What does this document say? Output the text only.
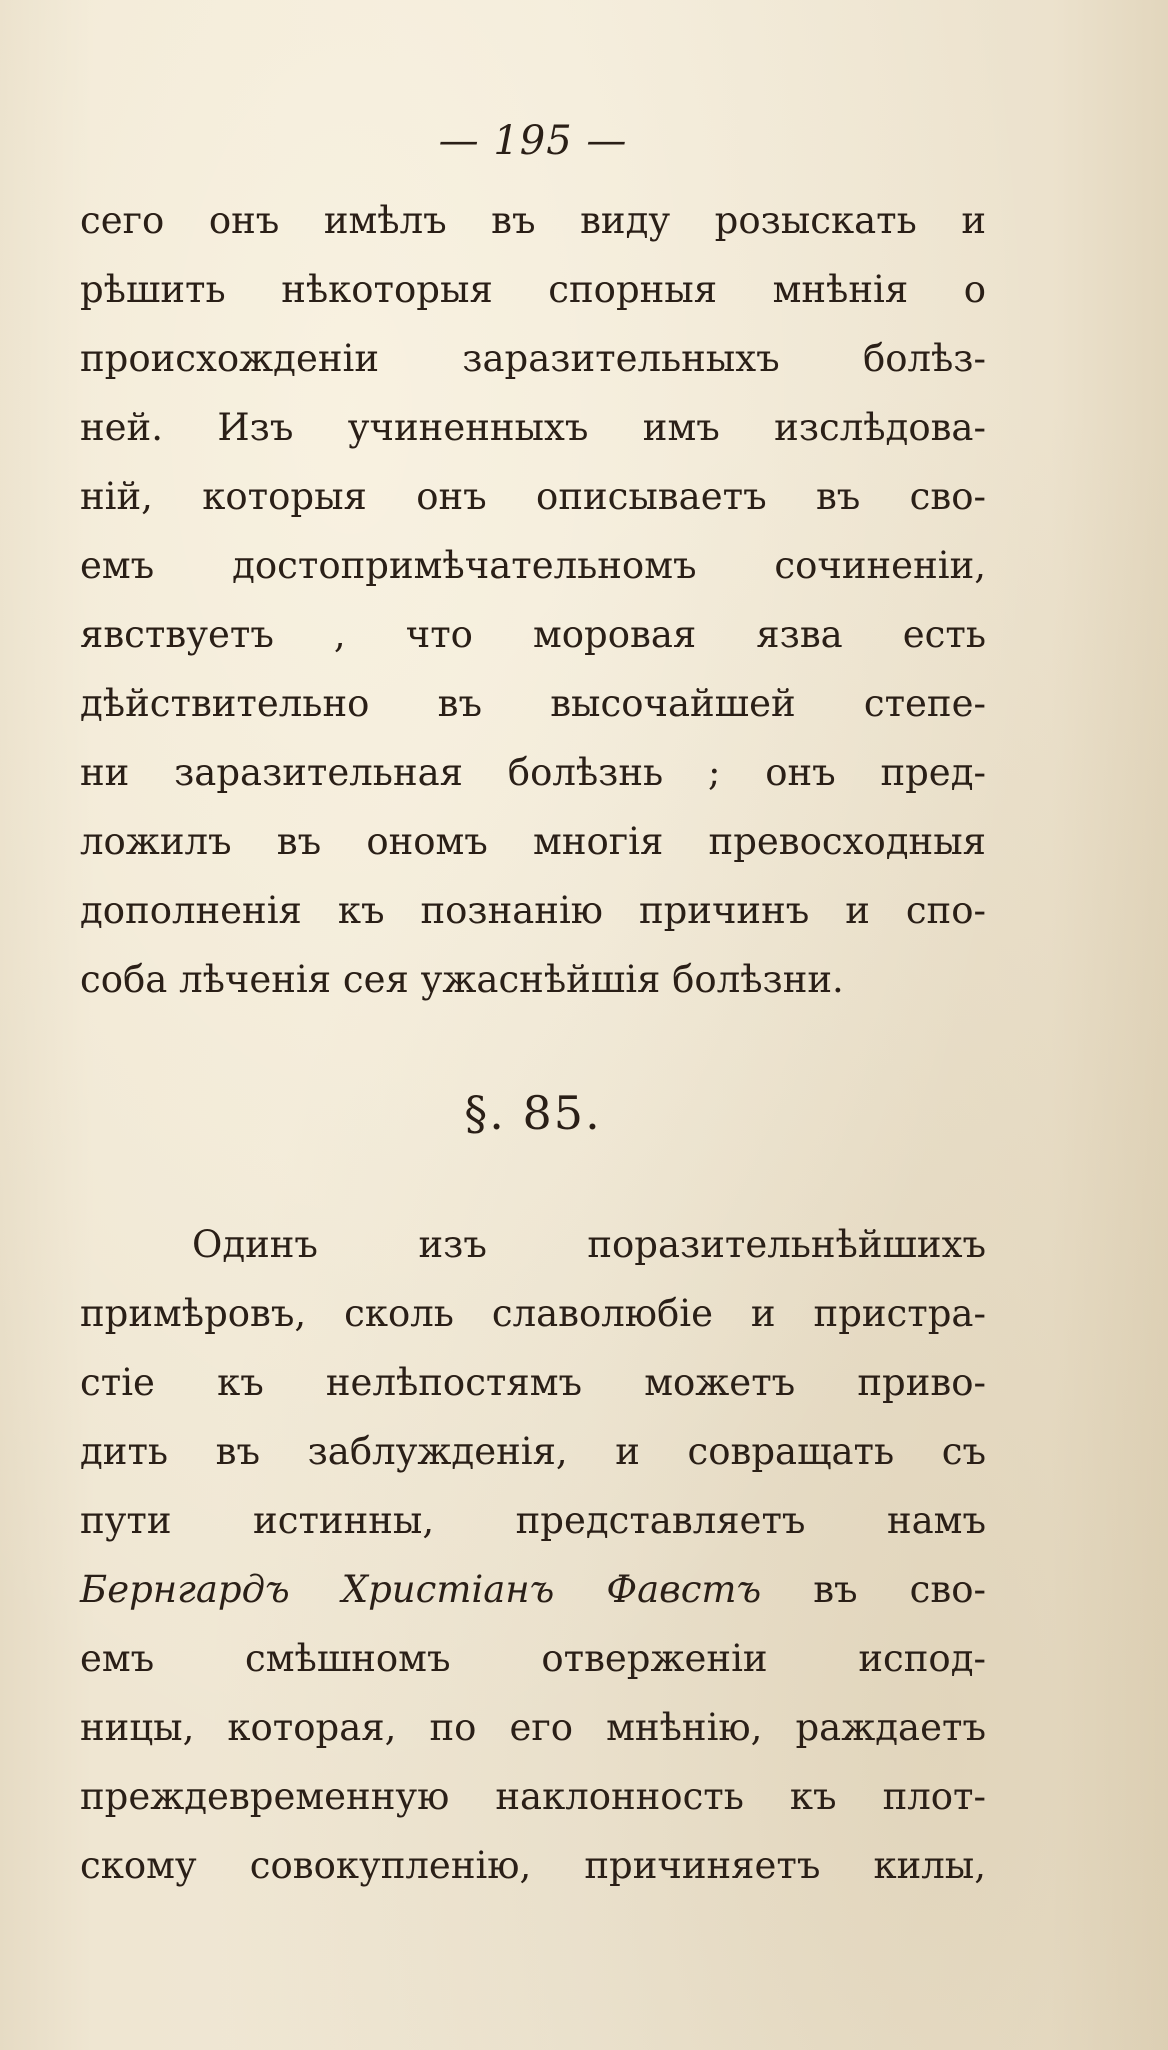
— 195 —
сего онъ имѣлъ въ виду розыскать и
рѣшить нѣкоторыя спорныя мнѣнія о
происхожденіи заразительныхъ болѣз-
ней. Изъ учиненныхъ имъ изслѣдова-
ній, которыя онъ описываетъ въ сво-
емъ достопримѣчательномъ сочиненіи,
явствуетъ , что моровая язва есть
дѣйствительно въ высочайшей степе-
ни заразительная болѣзнь ; онъ пред-
ложилъ въ ономъ многія превосходныя
дополненія къ познанію причинъ и спо-
соба лѣченія сея ужаснѣйшія болѣзни.
§. 85.
Одинъ изъ поразительнѣйшихъ
примѣровъ, сколь славолюбіе и пристра-
стіе къ нелѣпостямъ можетъ приво-
дить въ заблужденія, и совращать съ
пути истинны, представляетъ намъ
Бернгардъ Христіанъ Фавстъ въ сво-
емъ смѣшномъ отверженіи испод-
ницы, которая, по его мнѣнію, раждаетъ
преждевременную наклонность къ плот-
скому совокупленію, причиняетъ килы,
